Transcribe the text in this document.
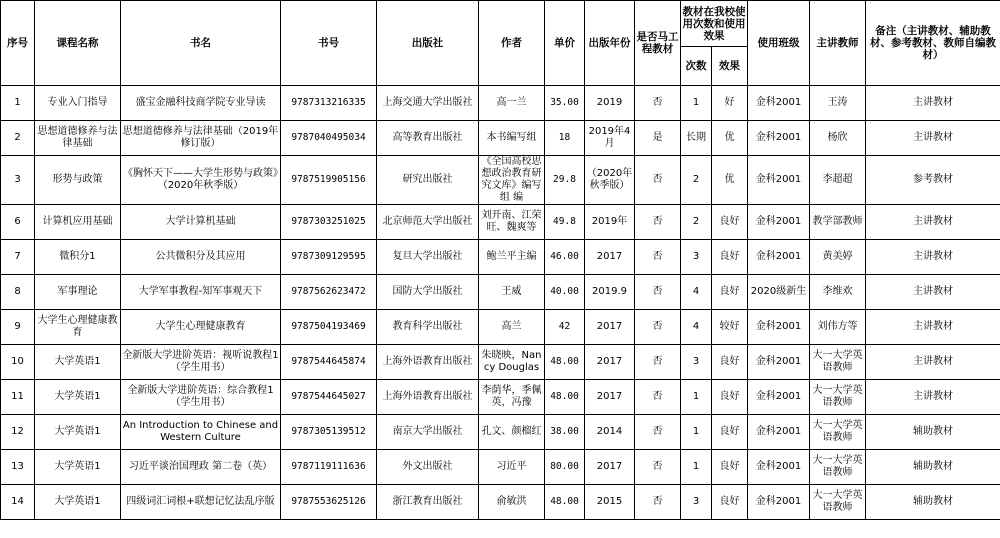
序号	课程名称	书名	书号	出版社	作者	单价	出版年份	是否马工程教材	教材在我校使用次数和使用效果		使用班级	主讲教师	备注（主讲教材、辅助教材、参考教材、教师自编教材）
									次数	效果			
1	专业入门指导	盛宝金融科技商学院专业导读	9787313216335	上海交通大学出版社	高一兰	35.00	2019	否	1	好	金科2001	王涛	主讲教材
2	思想道德修养与法律基础	思想道德修养与法律基础（2019年修订版）	9787040495034	高等教育出版社	本书编写组	18	2019年4月	是	长期	优	金科2001	杨欣	主讲教材
3	形势与政策	《胸怀天下——大学生形势与政策》（2020年秋季版）	9787519905156	研究出版社	《全国高校思想政治教育研究文库》编写组 编	29.8	（2020年秋季版）	否	2	优	金科2001	李超超	参考教材
6	计算机应用基础	大学计算机基础	9787303251025	北京师范大学出版社	刘开南、江荣旺、魏爽等	49.8	2019年	否	2	良好	金科2001	教学部教师	主讲教材
7	微积分1	公共微积分及其应用	9787309129595	复旦大学出版社	鲍兰平主编	46.00	2017	否	3	良好	金科2001	黄美婷	主讲教材
8	军事理论	大学军事教程-知军事观天下	9787562623472	国防大学出版社	王威	40.00	2019.9	否	4	良好	2020级新生	李维欢	主讲教材
9	大学生心理健康教育	大学生心理健康教育	9787504193469	教育科学出版社	高兰	42	2017	否	4	较好	金科2001	刘伟方等	主讲教材
10	大学英语1	全新版大学进阶英语：视听说教程1（学生用书）	9787544645874	上海外语教育出版社	朱晓映，Nancy Douglas	48.00	2017	否	3	良好	金科2001	大一大学英语教师	主讲教材
11	大学英语1	全新版大学进阶英语：综合教程1（学生用书）	9787544645027	上海外语教育出版社	李荫华，季佩英，冯豫	48.00	2017	否	1	良好	金科2001	大一大学英语教师	主讲教材
12	大学英语1	An Introduction to Chinese and Western Culture	9787305139512	南京大学出版社	孔文、颜榴红	38.00	2014	否	1	良好	金科2001	大一大学英语教师	辅助教材
13	大学英语1	习近平谈治国理政 第二卷（英）	9787119111636	外文出版社	习近平	80.00	2017	否	1	良好	金科2001	大一大学英语教师	辅助教材
14	大学英语1	四级词汇词根+联想记忆法乱序版	9787553625126	浙江教育出版社	俞敏洪	48.00	2015	否	3	良好	金科2001	大一大学英语教师	辅助教材
